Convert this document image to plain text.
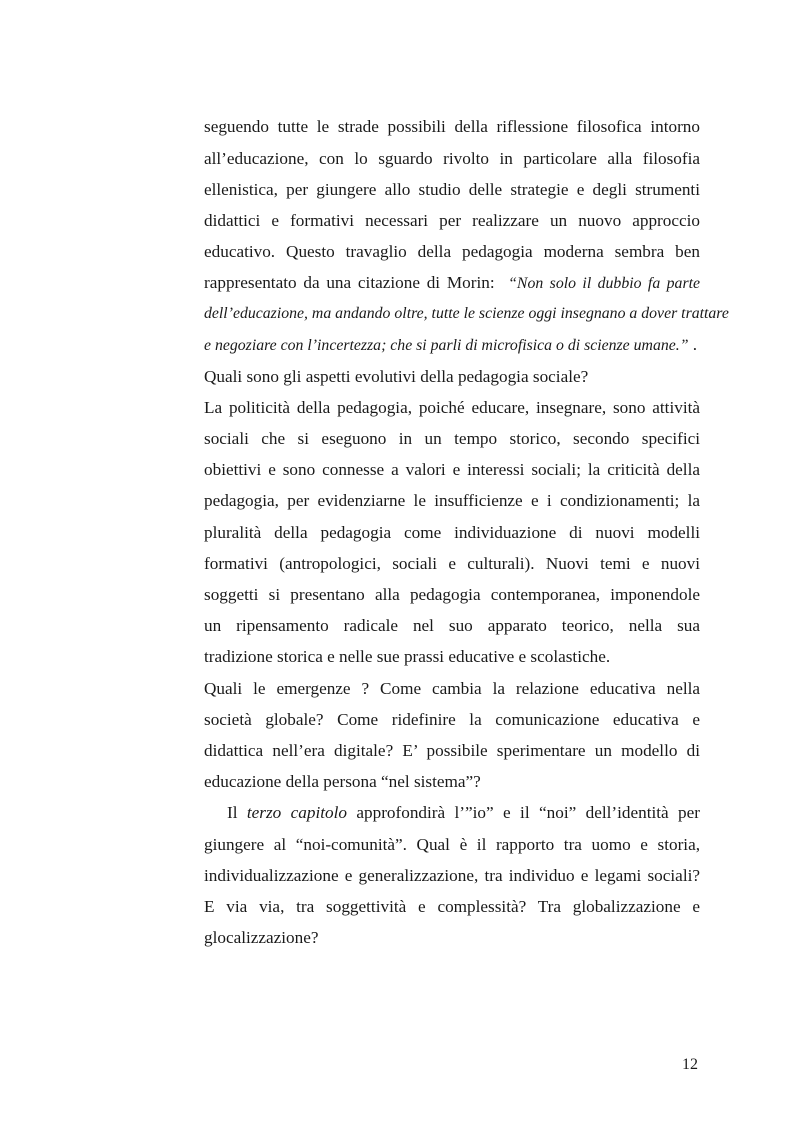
seguendo tutte le strade possibili della riflessione filosofica intorno
all’educazione, con lo sguardo rivolto in particolare alla filosofia
ellenistica, per giungere allo studio delle strategie e degli strumenti
didattici e formativi necessari per realizzare un nuovo approccio
educativo. Questo travaglio della pedagogia moderna sembra ben
rappresentato da una citazione di Morin:  “Non solo il dubbio fa parte
dell’educazione, ma andando oltre, tutte le scienze oggi insegnano a dover trattare
e negoziare con l’incertezza; che si parli di microfisica o di scienze umane.” .
Quali sono gli aspetti evolutivi della pedagogia sociale?
La politicità della pedagogia, poiché educare, insegnare, sono attività
sociali che si eseguono in un tempo storico, secondo specifici
obiettivi e sono connesse a valori e interessi sociali; la criticità della
pedagogia, per evidenziarne le insufficienze e i condizionamenti; la
pluralità della pedagogia come individuazione di nuovi modelli
formativi (antropologici, sociali e culturali). Nuovi temi e nuovi
soggetti si presentano alla pedagogia contemporanea, imponendole
un ripensamento radicale nel suo apparato teorico, nella sua
tradizione storica e nelle sue prassi educative e scolastiche.
Quali le emergenze ? Come cambia la relazione educativa nella
società globale? Come ridefinire la comunicazione educativa e
didattica nell’era digitale? E’ possibile sperimentare un modello di
educazione della persona “nel sistema”?
Il terzo capitolo approfondirà l’”io” e il “noi” dell’identità per
giungere al “noi-comunità”. Qual è il rapporto tra uomo e storia,
individualizzazione e generalizzazione, tra individuo e legami sociali?
E via via, tra soggettività e complessità? Tra globalizzazione e
glocalizzazione?
12
